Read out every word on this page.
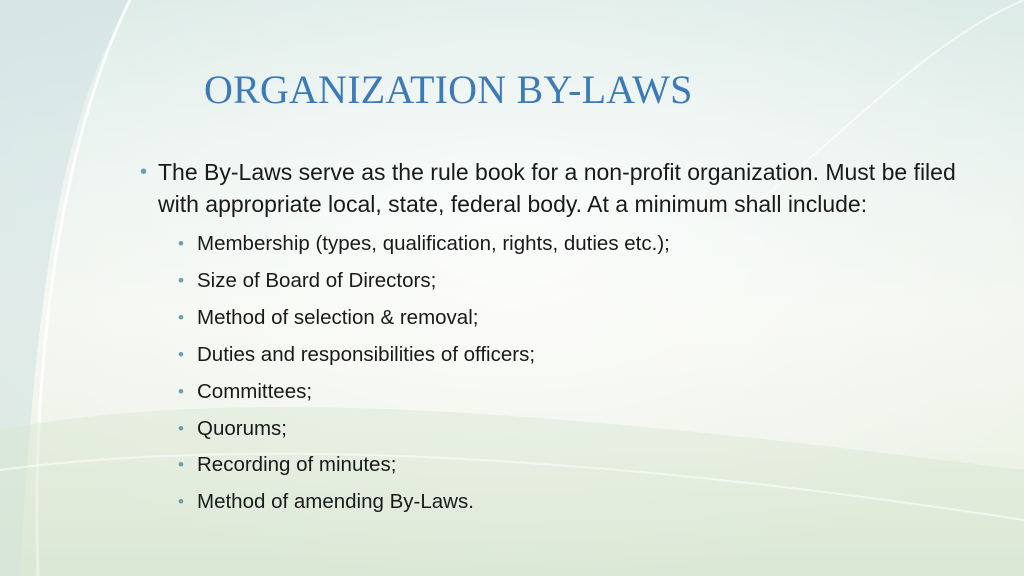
ORGANIZATION BY-LAWS
• The By-Laws serve as the rule book for a non-profit organization. Must be filed with appropriate local, state, federal body. At a minimum shall include:
• Membership (types, qualification, rights, duties etc.);
• Size of Board of Directors;
• Method of selection & removal;
• Duties and responsibilities of officers;
• Committees;
• Quorums;
• Recording of minutes;
• Method of amending By-Laws.
